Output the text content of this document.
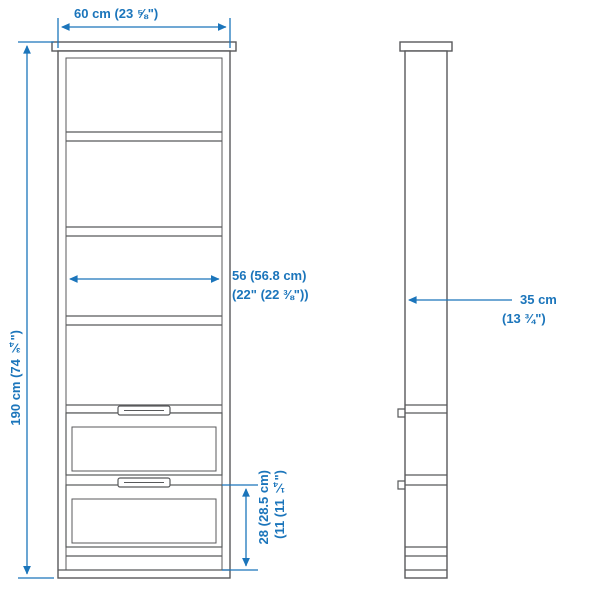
60 cm (23 ⅝")
190 cm (74 ¾")
56 (56.8 cm)
(22" (22 ⅜"))
28 (28.5 cm) (11 (11 ¼")
35 cm
(13 ¾")
